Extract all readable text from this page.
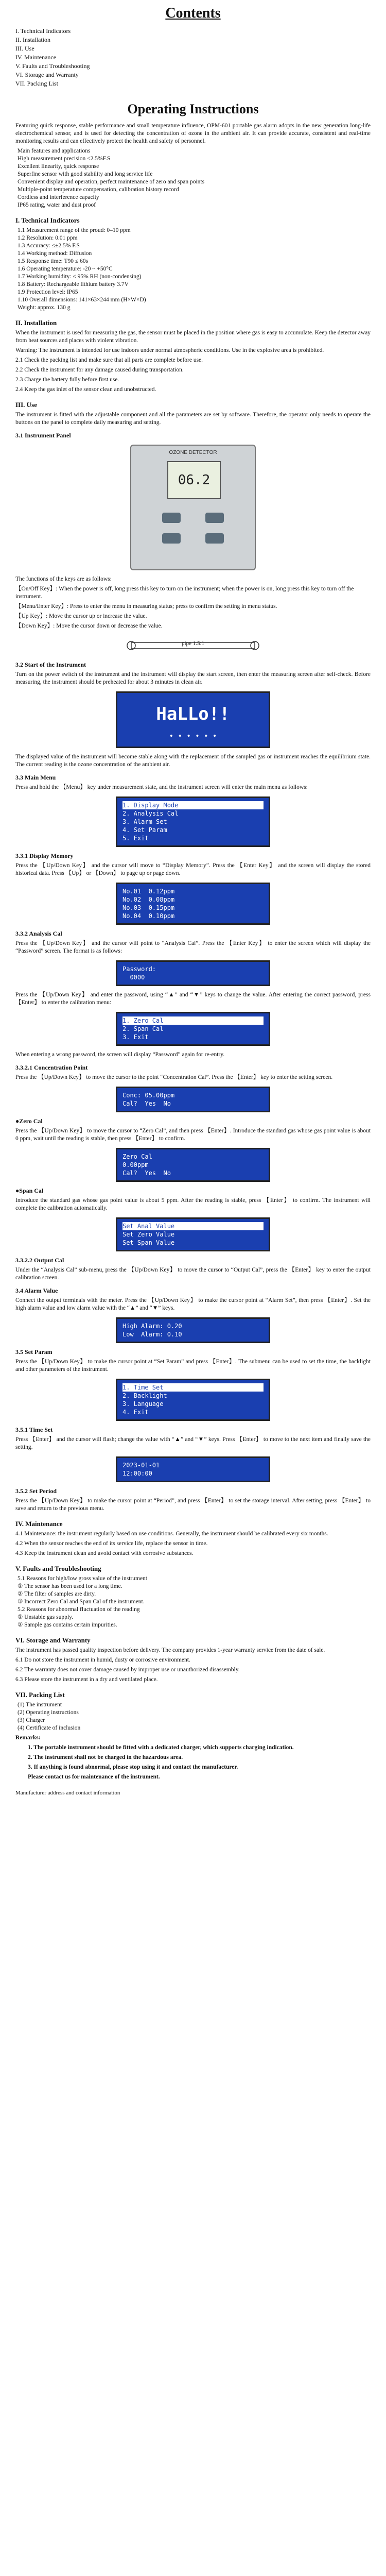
Contents
I. Technical Indicators
II. Installation
III. Use
IV. Maintenance
V. Faults and Troubleshooting
VI. Storage and Warranty
VII. Packing List
Operating Instructions
Featuring quick response, stable performance and small temperature influence, OPM-601 portable gas alarm adopts in the new generation long-life electrochemical sensor, and is used for detecting the concentration of ozone in the ambient air. It can provide accurate, consistent and real-time monitoring results and can effectively protect the health and safety of personnel.
Main features and applications
High measurement precision <2.5%F.S
Excellent linearity, quick response
Superfine sensor with good stability and long service life
Convenient display and operation, perfect maintenance of zero and span points
Multiple-point temperature compensation, calibration history record
Cordless and interference capacity
IP65 rating, water and dust proof
I. Technical Indicators
1.1 Measurement range of the proud: 0–10 ppm
1.2 Resolution: 0.01 ppm
1.3 Accuracy: ≤±2.5% F.S
1.4 Working method: Diffusion
1.5 Response time: T90 ≤ 60s
1.6 Operating temperature: -20 ~ +50°C
1.7 Working humidity: ≤ 95% RH (non-condensing)
1.8 Battery: Rechargeable lithium battery 3.7V
1.9 Protection level: IP65
1.10 Overall dimensions: 141×63×244 mm (H×W×D)
Weight: approx. 130 g
II. Installation
When the instrument is used for measuring the gas, the sensor must be placed in the position where gas is easy to accumulate. Keep the detector away from heat sources and places with violent vibration.
Warning: The instrument is intended for use indoors under normal atmospheric conditions. Use in the explosive area is prohibited.
2.1 Check the packing list and make sure that all parts are complete before use.
2.2 Check the instrument for any damage caused during transportation.
2.3 Charge the battery fully before first use.
2.4 Keep the gas inlet of the sensor clean and unobstructed.
III. Use
The instrument is fitted with the adjustable component and all the parameters are set by software. Therefore, the operator only needs to operate the buttons on the panel to complete daily measuring and setting.
3.1 Instrument Panel
OZONE DETECTOR
06.2
The functions of the keys are as follows:
【On/Off Key】: When the power is off, long press this key to turn on the instrument; when the power is on, long press this key to turn off the instrument.
【Menu/Enter Key】: Press to enter the menu in measuring status; press to confirm the setting in menu status.
【Up Key】: Move the cursor up or increase the value.
【Down Key】: Move the cursor down or decrease the value.
pipe 1.5:1
3.2 Start of the Instrument
Turn on the power switch of the instrument and the instrument will display the start screen, then enter the measuring screen after self-check. Before measuring, the instrument should be preheated for about 3 minutes in clean air.
HaLLo!!
• • • • • •
The displayed value of the instrument will become stable along with the replacement of the sampled gas or instrument reaches the equilibrium state. The current reading is the ozone concentration of the ambient air.
3.3 Main Menu
Press and hold the 【Menu】 key under measurement state, and the instrument screen will enter the main menu as follows:
1. Display Mode
2. Analysis Cal
3. Alarm Set
4. Set Param
5. Exit
3.3.1 Display Memory
Press the 【Up/Down Key】 and the cursor will move to “Display Memory”. Press the 【Enter Key】 and the screen will display the stored historical data. Press 【Up】 or 【Down】 to page up or page down.
No.01  0.12ppm
No.02  0.08ppm
No.03  0.15ppm
No.04  0.10ppm
3.3.2 Analysis Cal
Press the 【Up/Down Key】 and the cursor will point to “Analysis Cal”. Press the 【Enter Key】 to enter the screen which will display the “Password” screen. The format is as follows:
Password:
0000
Press the 【Up/Down Key】 and enter the password, using “▲” and “▼” keys to change the value. After entering the correct password, press 【Enter】 to enter the calibration menu:
1. Zero Cal
2. Span Cal
3. Exit
When entering a wrong password, the screen will display “Password” again for re-entry.
3.3.2.1 Concentration Point
Press the 【Up/Down Key】 to move the cursor to the point “Concentration Cal”. Press the 【Enter】 key to enter the setting screen.
Conc: 05.00ppm
Cal?  Yes  No
●Zero Cal
Press the 【Up/Down Key】 to move the cursor to “Zero Cal”, and then press 【Enter】. Introduce the standard gas whose gas point value is about 0 ppm, wait until the reading is stable, then press 【Enter】 to confirm.
Zero Cal
0.00ppm
Cal?  Yes  No
●Span Cal
Introduce the standard gas whose gas point value is about 5 ppm. After the reading is stable, press 【Enter】 to confirm. The instrument will complete the calibration automatically.
Set Anal Value
Set Zero Value
Set Span Value
3.3.2.2 Output Cal
Under the “Analysis Cal” sub-menu, press the 【Up/Down Key】 to move the cursor to “Output Cal”, press the 【Enter】 key to enter the output calibration screen.
3.4 Alarm Value
Connect the output terminals with the meter. Press the 【Up/Down Key】 to make the cursor point at “Alarm Set”, then press 【Enter】. Set the high alarm value and low alarm value with the “▲” and “▼” keys.
High Alarm: 0.20
Low  Alarm: 0.10
3.5 Set Param
Press the 【Up/Down Key】 to make the cursor point at “Set Param” and press 【Enter】. The submenu can be used to set the time, the backlight and other parameters of the instrument.
1. Time Set
2. Backlight
3. Language
4. Exit
3.5.1 Time Set
Press 【Enter】 and the cursor will flash; change the value with “▲” and “▼” keys. Press 【Enter】 to move to the next item and finally save the setting.
2023-01-01
12:00:00
3.5.2 Set Period
Press the 【Up/Down Key】 to make the cursor point at “Period”, and press 【Enter】 to set the storage interval. After setting, press 【Enter】 to save and return to the previous menu.
IV. Maintenance
4.1 Maintenance: the instrument regularly based on use conditions. Generally, the instrument should be calibrated every six months.
4.2 When the sensor reaches the end of its service life, replace the sensor in time.
4.3 Keep the instrument clean and avoid contact with corrosive substances.
V. Faults and Troubleshooting
5.1 Reasons for high/low gross value of the instrument
① The sensor has been used for a long time.
② The filter of samples are dirty.
③ Incorrect Zero Cal and Span Cal of the instrument.
5.2 Reasons for abnormal fluctuation of the reading
① Unstable gas supply.
② Sample gas contains certain impurities.
VI. Storage and Warranty
The instrument has passed quality inspection before delivery. The company provides 1-year warranty service from the date of sale.
6.1 Do not store the instrument in humid, dusty or corrosive environment.
6.2 The warranty does not cover damage caused by improper use or unauthorized disassembly.
6.3 Please store the instrument in a dry and ventilated place.
VII. Packing List
(1) The instrument
(2) Operating instructions
(3) Charger
(4) Certificate of inclusion
Remarks:
1. The portable instrument should be fitted with a dedicated charger, which supports charging indication.
2. The instrument shall not be charged in the hazardous area.
3. If anything is found abnormal, please stop using it and contact the manufacturer.
Please contact us for maintenance of the instrument.
Manufacturer address and contact information
